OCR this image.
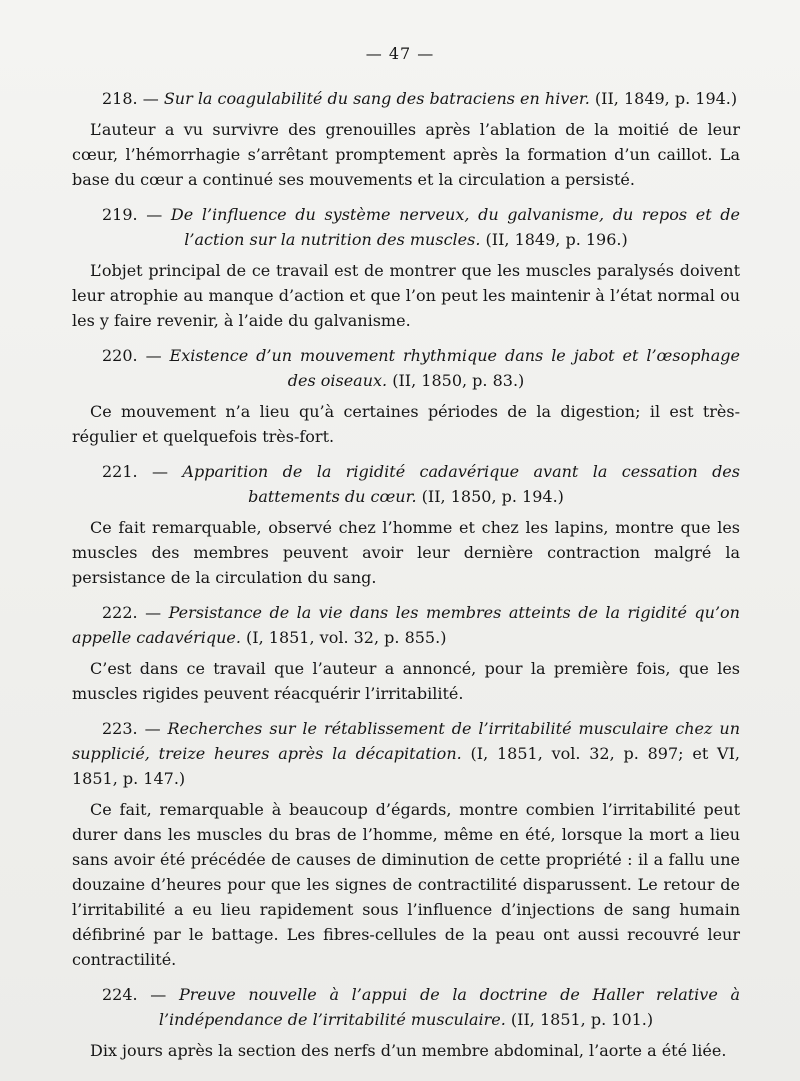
— 47 —

218. — Sur la coagulabilité du sang des batraciens en hiver. (II, 1849, p. 194.)

L’auteur a vu survivre des grenouilles après l’ablation de la moitié de leur cœur, l’hémorrhagie s’arrêtant promptement après la formation d’un caillot. La base du cœur a continué ses mouvements et la circulation a persisté.

219. — De l’influence du système nerveux, du galvanisme, du repos et de l’action sur la nutrition des muscles. (II, 1849, p. 196.)

L’objet principal de ce travail est de montrer que les muscles paralysés doivent leur atrophie au manque d’action et que l’on peut les maintenir à l’état normal ou les y faire revenir, à l’aide du galvanisme.

220. — Existence d’un mouvement rhythmique dans le jabot et l’œsophage des oiseaux. (II, 1850, p. 83.)

Ce mouvement n’a lieu qu’à certaines périodes de la digestion; il est très-régulier et quelquefois très-fort.

221. — Apparition de la rigidité cadavérique avant la cessation des battements du cœur. (II, 1850, p. 194.)

Ce fait remarquable, observé chez l’homme et chez les lapins, montre que les muscles des membres peuvent avoir leur dernière contraction malgré la persistance de la circulation du sang.

222. — Persistance de la vie dans les membres atteints de la rigidité qu’on appelle cadavérique. (I, 1851, vol. 32, p. 855.)

C’est dans ce travail que l’auteur a annoncé, pour la première fois, que les muscles rigides peuvent réacquérir l’irritabilité.

223. — Recherches sur le rétablissement de l’irritabilité musculaire chez un supplicié, treize heures après la décapitation. (I, 1851, vol. 32, p. 897; et VI, 1851, p. 147.)

Ce fait, remarquable à beaucoup d’égards, montre combien l’irritabilité peut durer dans les muscles du bras de l’homme, même en été, lorsque la mort a lieu sans avoir été précédée de causes de diminution de cette propriété : il a fallu une douzaine d’heures pour que les signes de contractilité disparussent. Le retour de l’irritabilité a eu lieu rapidement sous l’influence d’injections de sang humain défibriné par le battage. Les fibres-cellules de la peau ont aussi recouvré leur contractilité.

224. — Preuve nouvelle à l’appui de la doctrine de Haller relative à l’indépendance de l’irritabilité musculaire. (II, 1851, p. 101.)

Dix jours après la section des nerfs d’un membre abdominal, l’aorte a été liée.
